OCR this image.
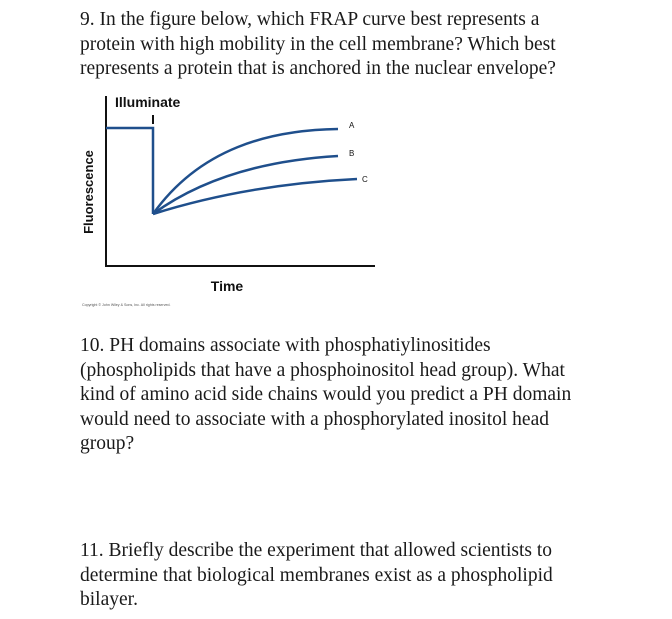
9. In the figure below, which FRAP curve best represents a
protein with high mobility in the cell membrane? Which best
represents a protein that is anchored in the nuclear envelope?
Illuminate
Fluorescence
Time
A
B
C
Copyright © John Wiley & Sons, Inc. All rights reserved.
10. PH domains associate with phosphatiylinositides
(phospholipids that have a phosphoinositol head group). What
kind of amino acid side chains would you predict a PH domain
would need to associate with a phosphorylated inositol head
group?
11. Briefly describe the experiment that allowed scientists to
determine that biological membranes exist as a phospholipid
bilayer.
